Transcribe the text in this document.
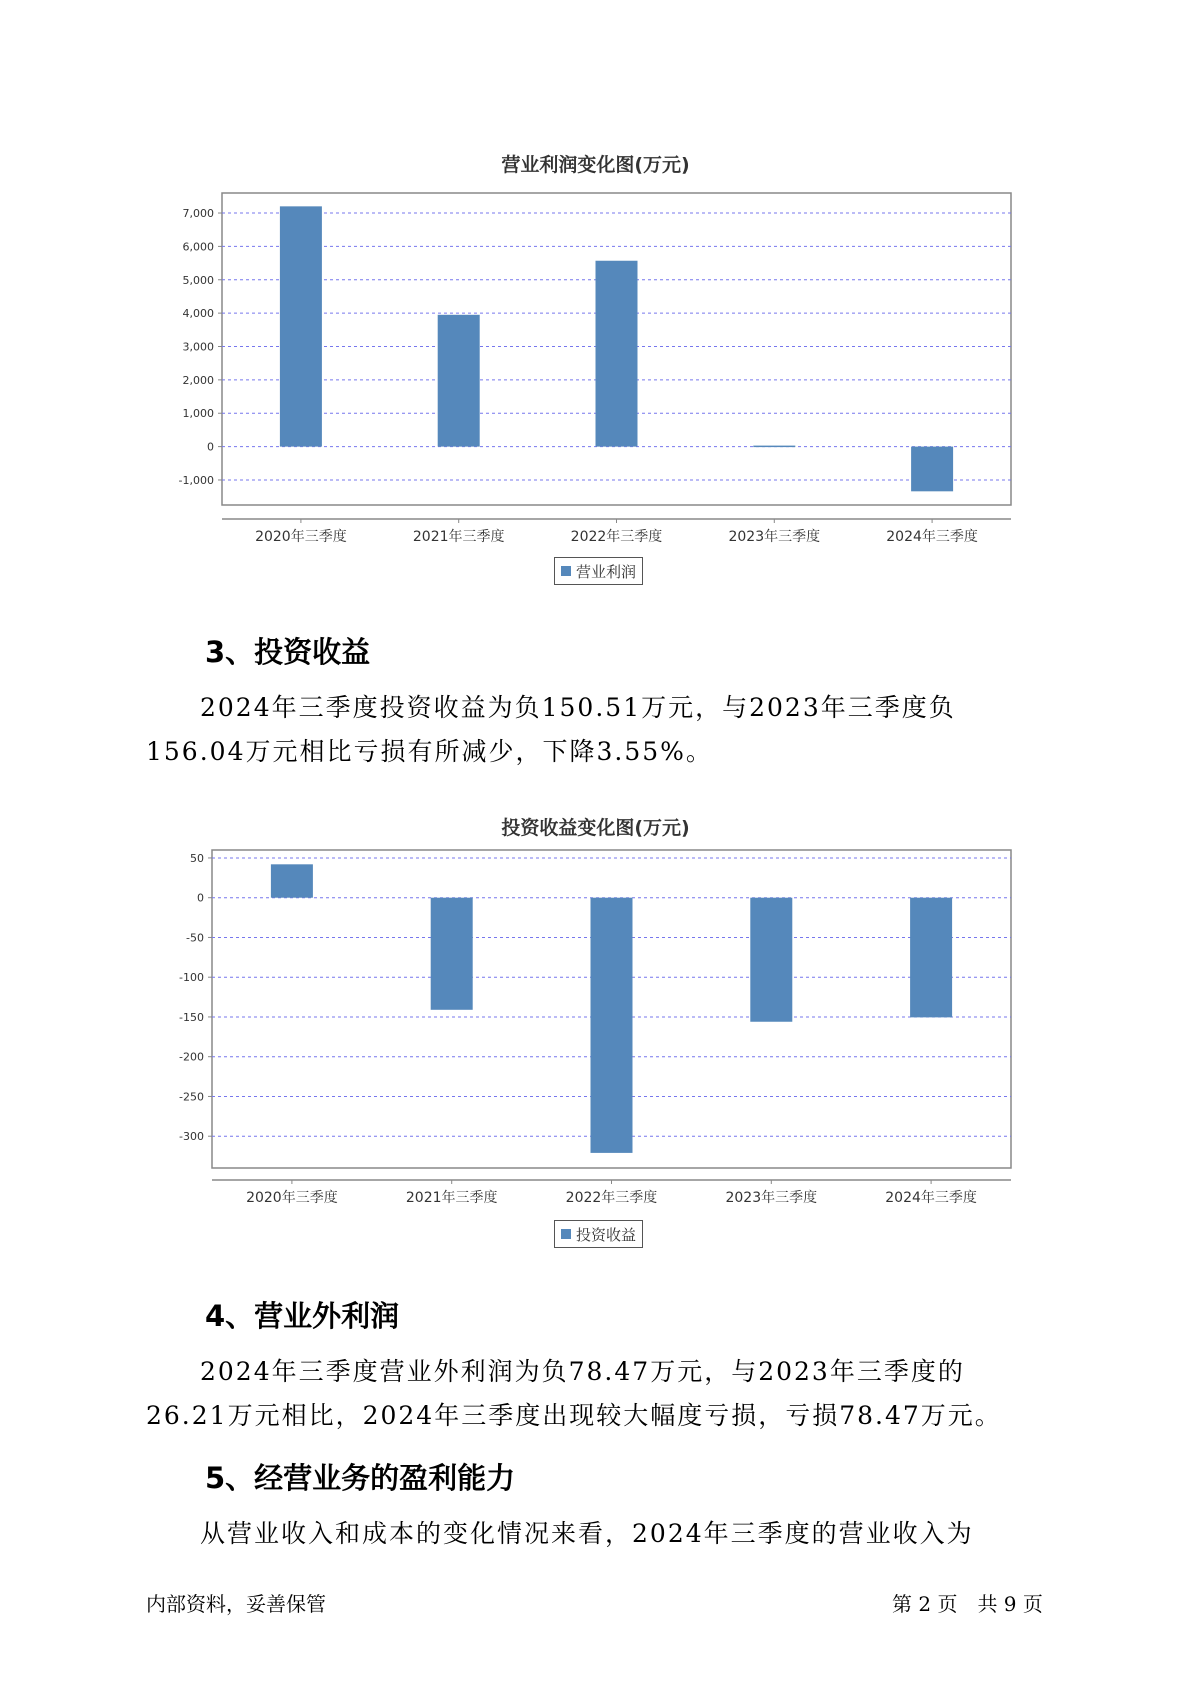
营业利润变化图(万元)
7,000
6,000
5,000
4,000
3,000
2,000
1,000
0
-1,000
2020年三季度	2021年三季度	2022年三季度	2023年三季度	2024年三季度
营业利润
3、投资收益

2024年三季度投资收益为负150.51万元，与2023年三季度负156.04万元相比亏损有所减少，下降3.55%。

投资收益变化图(万元)
50
0
-50
-100
-150
-200
-250
-300
2020年三季度	2021年三季度	2022年三季度	2023年三季度	2024年三季度
投资收益
4、营业外利润

2024年三季度营业外利润为负78.47万元，与2023年三季度的26.21万元相比，2024年三季度出现较大幅度亏损，亏损78.47万元。

5、经营业务的盈利能力

从营业收入和成本的变化情况来看，2024年三季度的营业收入为

内部资料，妥善保管	第 2 页　共 9 页
